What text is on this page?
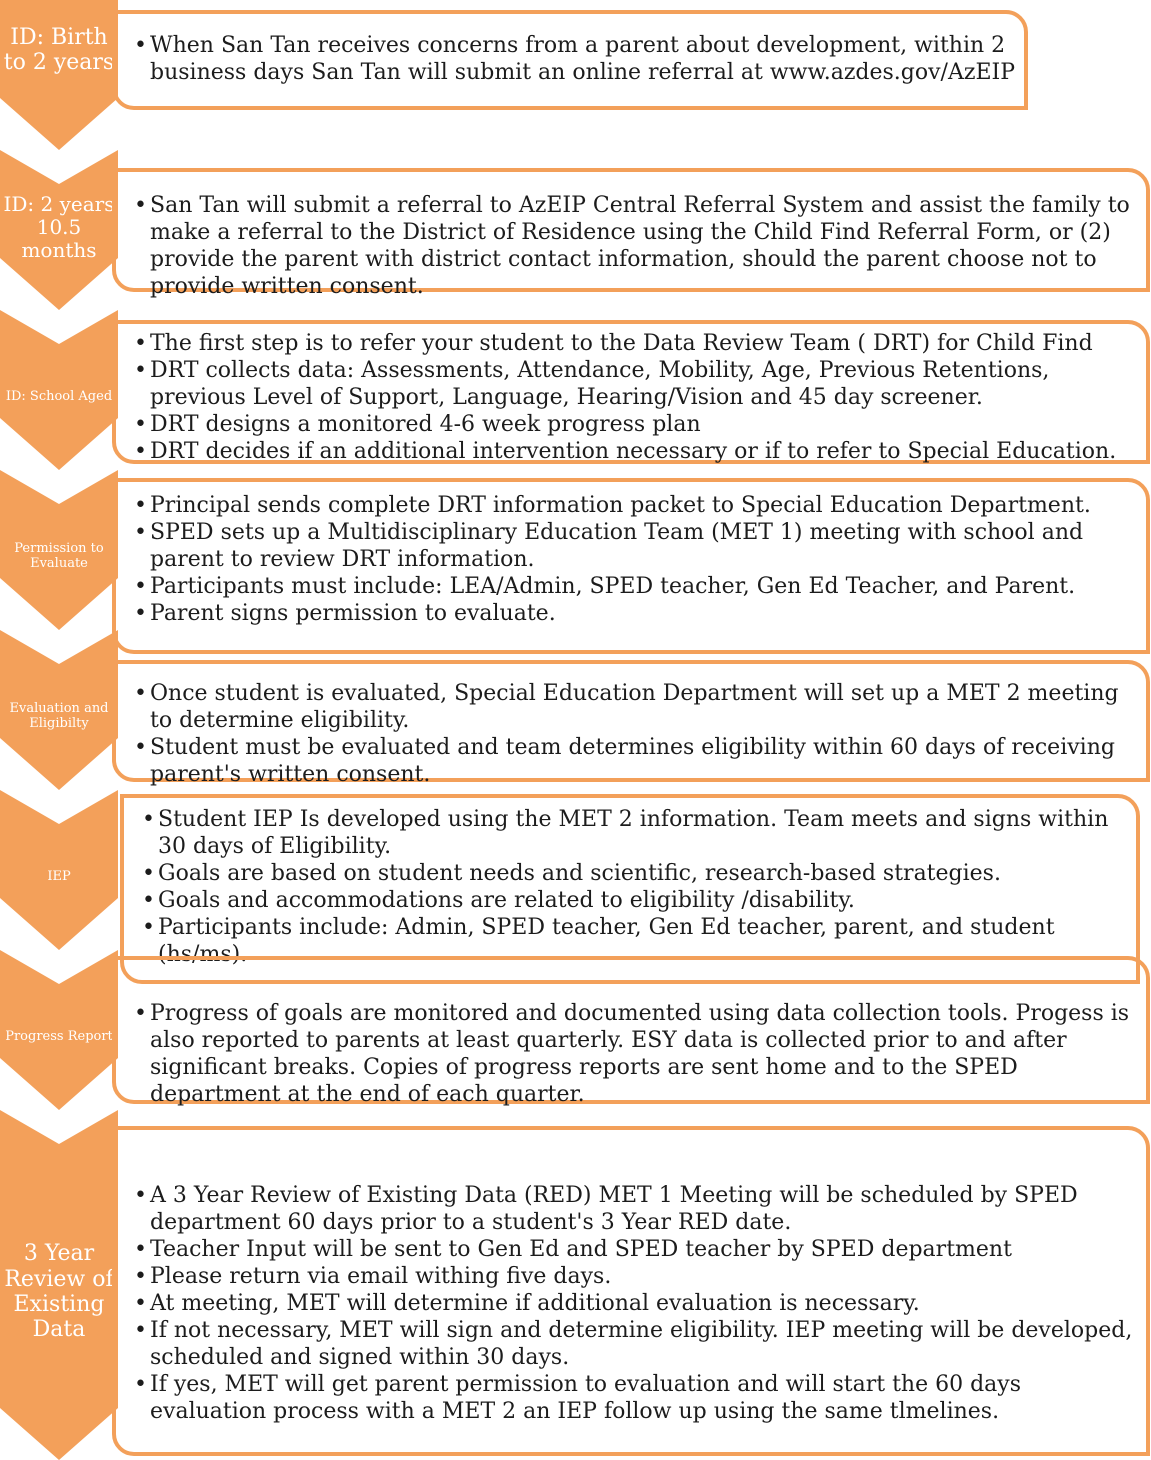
ID: Birth to 2 years
• When San Tan receives concerns from a parent about development, within 2 business days San Tan will submit an online referral at www.azdes.gov/AzEIP
ID: 2 years 10.5 months
• San Tan will submit a referral to AzEIP Central Referral System and assist the family to make a referral to the District of Residence using the Child Find Referral Form, or (2) provide the parent with district contact information, should the parent choose not to provide written consent.
ID: School Aged
• The first step is to refer your student to the Data Review Team ( DRT) for Child Find
• DRT collects data: Assessments, Attendance, Mobility, Age, Previous Retentions, previous Level of Support, Language, Hearing/Vision and 45 day screener.
• DRT designs a monitored 4-6 week progress plan
• DRT decides if an additional intervention necessary or if to refer to Special Education.
Permission to Evaluate
• Principal sends complete DRT information packet to Special Education Department.
• SPED sets up a Multidisciplinary Education Team (MET 1) meeting with school and parent to review DRT information.
• Participants must include: LEA/Admin, SPED teacher, Gen Ed Teacher, and Parent.
• Parent signs permission to evaluate.
Evaluation and Eligibilty
• Once student is evaluated, Special Education Department will set up a MET 2 meeting to determine eligibility.
• Student must be evaluated and team determines eligibility within 60 days of receiving parent's written consent.
IEP
• Student IEP Is developed using the MET 2 information. Team meets and signs within 30 days of Eligibility.
• Goals are based on student needs and scientific, research-based strategies.
• Goals and accommodations are related to eligibility /disability.
• Participants include: Admin, SPED teacher, Gen Ed teacher, parent, and student (hs/ms).
Progress Report
• Progress of goals are monitored and documented using data collection tools. Progess is also reported to parents at least quarterly. ESY data is collected prior to and after significant breaks. Copies of progress reports are sent home and to the SPED department at the end of each quarter.
3 Year Review of Existing Data
• A 3 Year Review of Existing Data (RED) MET 1 Meeting will be scheduled by SPED department 60 days prior to a student's 3 Year RED date.
• Teacher Input will be sent to Gen Ed and SPED teacher by SPED department
• Please return via email withing five days.
• At meeting, MET will determine if additional evaluation is necessary.
• If not necessary, MET will sign and determine eligibility. IEP meeting will be developed, scheduled and signed within 30 days.
• If yes, MET will get parent permission to evaluation and will start the 60 days evaluation process with a MET 2 an IEP follow up using the same tlmelines.
